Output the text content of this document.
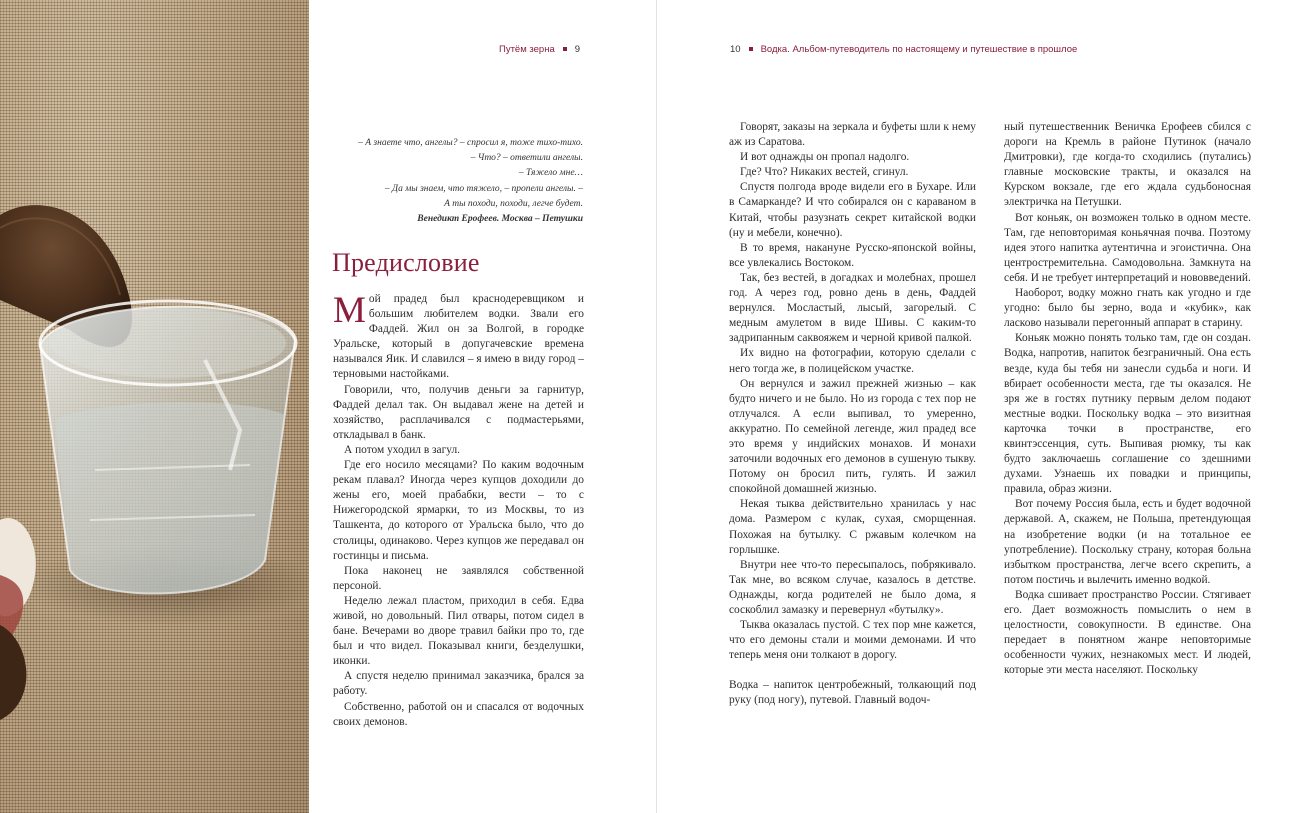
Путём зерна 9	10 Водка. Альбом-путеводитель по настоящему и путешествие в прошлое
– А знаете что, ангелы? – спросил я, тоже тихо-тихо.
– Что? – ответили ангелы.
– Тяжело мне…
– Да мы знаем, что тяжело, – пропели ангелы. –
А ты походи, походи, легче будет.
Венедикт Ерофеев. Москва – Петушки
Предисловие

Мой прадед был краснодеревщиком и большим любителем водки. Звали его Фаддей. Жил он за Волгой, в городке Уральске, который в допугачевские времена назывался Яик. И славился – я имею в виду город – терновыми настойками.

Говорили, что, получив деньги за гарнитур, Фаддей делал так. Он выдавал жене на детей и хозяйство, расплачивался с подмастерьями, откладывал в банк.

А потом уходил в загул.

Где его носило месяцами? По каким водочным рекам плавал? Иногда через купцов доходили до жены его, моей прабабки, вести – то с Нижегородской ярмарки, то из Москвы, то из Ташкента, до которого от Уральска было, что до столицы, одинаково. Через купцов же передавал он гостинцы и письма.

Пока наконец не заявлялся собственной персоной.

Неделю лежал пластом, приходил в себя. Едва живой, но довольный. Пил отвары, потом сидел в бане. Вечерами во дворе травил байки про то, где был и что видел. Показывал книги, безделушки, иконки.

А спустя неделю принимал заказчика, брался за работу.

Собственно, работой он и спасался от водочных своих демонов.

Говорят, заказы на зеркала и буфеты шли к нему аж из Саратова.

И вот однажды он пропал надолго.

Где? Что? Никаких вестей, сгинул.

Спустя полгода вроде видели его в Бухаре. Или в Самарканде? И что собирался он с караваном в Китай, чтобы разузнать секрет китайской водки (ну и мебели, конечно).

В то время, накануне Русско-японской войны, все увлекались Востоком.

Так, без вестей, в догадках и молебнах, прошел год. А через год, ровно день в день, Фаддей вернулся. Мосластый, лысый, загорелый. С медным амулетом в виде Шивы. С каким-то задрипанным саквояжем и черной кривой палкой.

Их видно на фотографии, которую сделали с него тогда же, в полицейском участке.

Он вернулся и зажил прежней жизнью – как будто ничего и не было. Но из города с тех пор не отлучался. А если выпивал, то умеренно, аккуратно. По семейной легенде, жил прадед все это время у индийских монахов. И монахи заточили водочных его демонов в сушеную тыкву. Потому он бросил пить, гулять. И зажил спокойной домашней жизнью.

Некая тыква действительно хранилась у нас дома. Размером с кулак, сухая, сморщенная. Похожая на бутылку. С ржавым колечком на горлышке.

Внутри нее что-то пересыпалось, побрякивало. Так мне, во всяком случае, казалось в детстве. Однажды, когда родителей не было дома, я соскоблил замазку и перевернул «бутылку».

Тыква оказалась пустой. С тех пор мне кажется, что его демоны стали и моими демонами. И что теперь меня они толкают в дорогу.

Водка – напиток центробежный, толкающий под руку (под ногу), путевой. Главный водоч-

ный путешественник Веничка Ерофеев сбился с дороги на Кремль в районе Путинок (начало Дмитровки), где когда-то сходились (путались) главные московские тракты, и оказался на Курском вокзале, где его ждала судьбоносная электричка на Петушки.

Вот коньяк, он возможен только в одном месте. Там, где неповторимая коньячная почва. Поэтому идея этого напитка аутентична и эгоистична. Она центростремительна. Самодовольна. Замкнута на себя. И не требует интерпретаций и нововведений.

Наоборот, водку можно гнать как угодно и где угодно: было бы зерно, вода и «кубик», как ласково называли перегонный аппарат в старину.

Коньяк можно понять только там, где он создан. Водка, напротив, напиток безграничный. Она есть везде, куда бы тебя ни занесли судьба и ноги. И вбирает особенности места, где ты оказался. Не зря же в гостях путнику первым делом подают местные водки. Поскольку водка – это визитная карточка точки в пространстве, его квинтэссенция, суть. Выпивая рюмку, ты как будто заключаешь соглашение со здешними духами. Узнаешь их повадки и принципы, правила, образ жизни.

Вот почему Россия была, есть и будет водочной державой. А, скажем, не Польша, претендующая на изобретение водки (и на тотальное ее употребление). Поскольку страну, которая больна избытком пространства, легче всего скрепить, а потом постичь и вылечить именно водкой.

Водка сшивает пространство России. Стягивает его. Дает возможность помыслить о нем в целостности, совокупности. В единстве. Она передает в понятном жанре неповторимые особенности чужих, незнакомых мест. И людей, которые эти места населяют. Поскольку
